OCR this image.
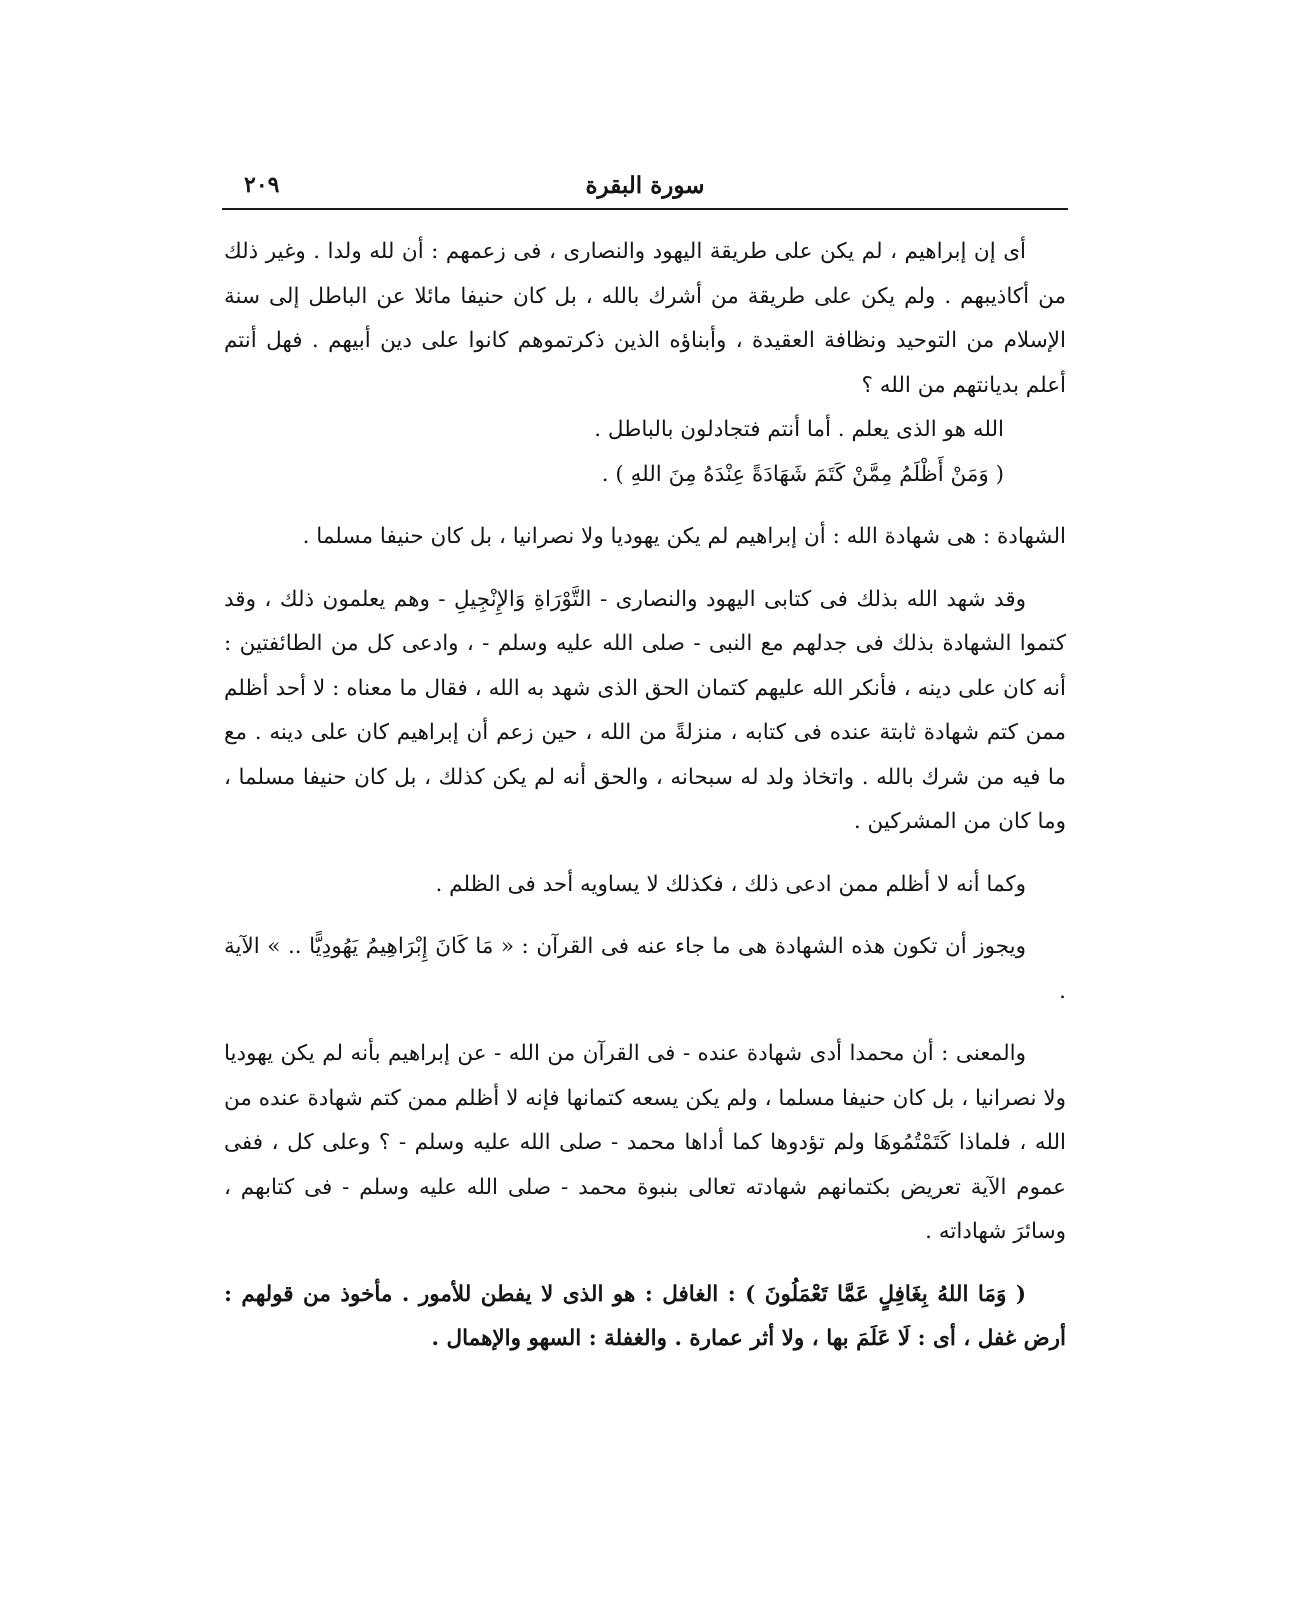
سورة البقرة
٢٠٩

أى إن إبراهيم ، لم يكن على طريقة اليهود والنصارى ، فى زعمهم : أن لله ولدا . وغير ذلك من أكاذيبهم . ولم يكن على طريقة من أشرك بالله ، بل كان حنيفا مائلا عن الباطل إلى سنة الإسلام من التوحيد ونظافة العقيدة ، وأبناؤه الذين ذكرتموهم كانوا على دين أبيهم . فهل أنتم أعلم بديانتهم من الله ؟

الله هو الذى يعلم . أما أنتم فتجادلون بالباطل .

( وَمَنْ أَظْلَمُ مِمَّنْ كَتَمَ شَهَادَةً عِنْدَهُ مِنَ اللهِ ) .

الشهادة : هى شهادة الله : أن إبراهيم لم يكن يهوديا ولا نصرانيا ، بل كان حنيفا مسلما .

وقد شهد الله بذلك فى كتابى اليهود والنصارى - التَّوْرَاةِ وَالإِنْجِيلِ - وهم يعلمون ذلك ، وقد كتموا الشهادة بذلك فى جدلهم مع النبى - صلى الله عليه وسلم - ، وادعى كل من الطائفتين : أنه كان على دينه ، فأنكر الله عليهم كتمان الحق الذى شهد به الله ، فقال ما معناه : لا أحد أظلم ممن كتم شهادة ثابتة عنده فى كتابه ، منزلةً من الله ، حين زعم أن إبراهيم كان على دينه . مع ما فيه من شرك بالله . واتخاذ ولد له سبحانه ، والحق أنه لم يكن كذلك ، بل كان حنيفا مسلما ، وما كان من المشركين .

وكما أنه لا أظلم ممن ادعى ذلك ، فكذلك لا يساويه أحد فى الظلم .

ويجوز أن تكون هذه الشهادة هى ما جاء عنه فى القرآن : « مَا كَانَ إِبْرَاهِيمُ يَهُودِيًّا .. » الآية .

والمعنى : أن محمدا أدى شهادة عنده - فى القرآن من الله - عن إبراهيم بأنه لم يكن يهوديا ولا نصرانيا ، بل كان حنيفا مسلما ، ولم يكن يسعه كتمانها فإنه لا أظلم ممن كتم شهادة عنده من الله ، فلماذا كَتَمْتُمُوهَا ولم تؤدوها كما أداها محمد - صلى الله عليه وسلم - ؟ وعلى كل ، ففى عموم الآية تعريض بكتمانهم شهادته تعالى بنبوة محمد - صلى الله عليه وسلم - فى كتابهم ، وسائرَ شهاداته .

( وَمَا اللهُ بِغَافِلٍ عَمَّا تَعْمَلُونَ ) : الغافل : هو الذى لا يفطن للأمور . مأخوذ من قولهم : أرض غفل ، أى : لَا عَلَمَ بها ، ولا أثر عمارة . والغفلة : السهو والإهمال .
